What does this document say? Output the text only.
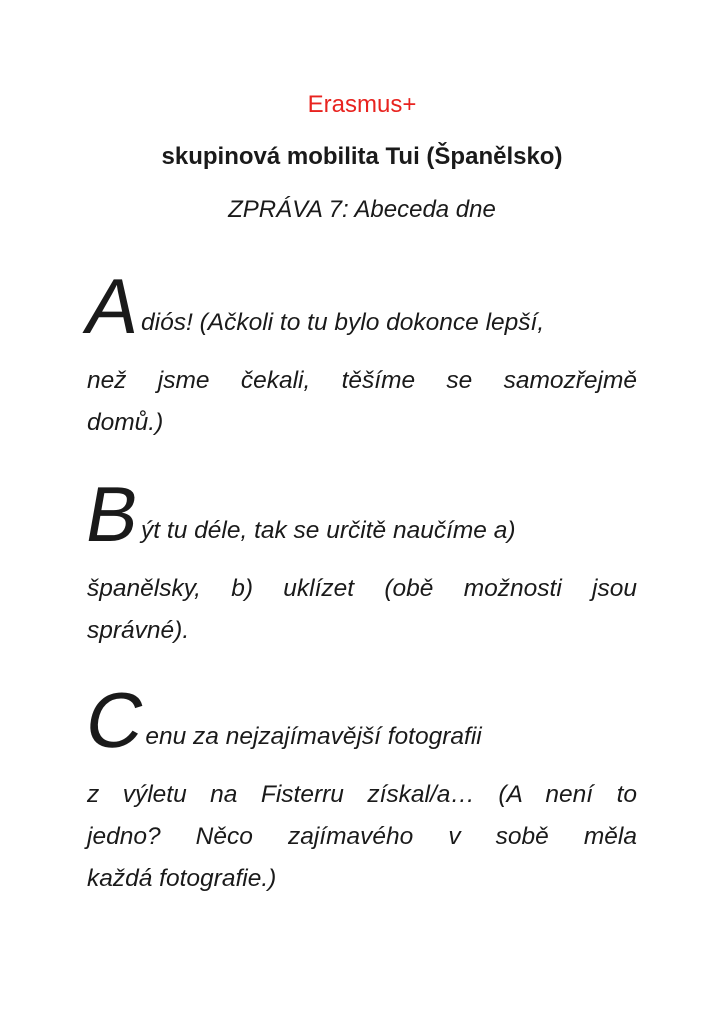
Erasmus+
skupinová mobilita Tui (Španělsko)
ZPRÁVA 7: Abeceda dne
A
diós! (Ačkoli to tu bylo dokonce lepší,
než jsme čekali, těšíme se samozřejmě
domů.)
B
ýt tu déle, tak se určitě naučíme a)
španělsky, b) uklízet (obě možnosti jsou
správné).
C
enu za nejzajímavější fotografii
z výletu na Fisterru získal/a… (A není to
jedno? Něco zajímavého v sobě měla
každá fotografie.)
